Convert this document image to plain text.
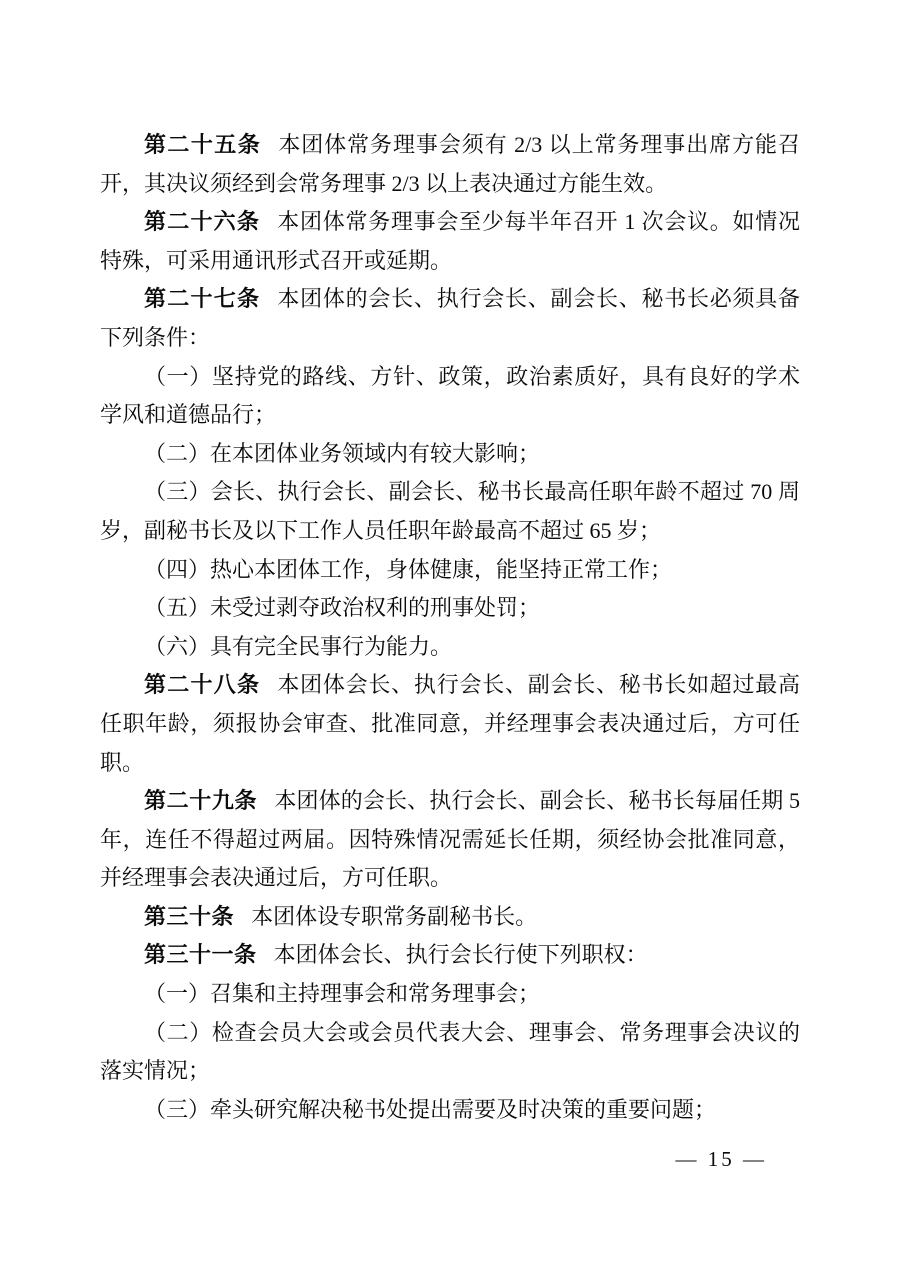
第二十五条 本团体常务理事会须有 2/3 以上常务理事出席方能召开，其决议须经到会常务理事 2/3 以上表决通过方能生效。

第二十六条 本团体常务理事会至少每半年召开 1 次会议。如情况特殊，可采用通讯形式召开或延期。

第二十七条 本团体的会长、执行会长、副会长、秘书长必须具备下列条件：

（一）坚持党的路线、方针、政策，政治素质好，具有良好的学术学风和道德品行；

（二）在本团体业务领域内有较大影响；

（三）会长、执行会长、副会长、秘书长最高任职年龄不超过 70 周岁，副秘书长及以下工作人员任职年龄最高不超过 65 岁；

（四）热心本团体工作，身体健康，能坚持正常工作；

（五）未受过剥夺政治权利的刑事处罚；

（六）具有完全民事行为能力。

第二十八条 本团体会长、执行会长、副会长、秘书长如超过最高任职年龄，须报协会审查、批准同意，并经理事会表决通过后，方可任职。

第二十九条 本团体的会长、执行会长、副会长、秘书长每届任期 5 年，连任不得超过两届。因特殊情况需延长任期，须经协会批准同意，并经理事会表决通过后，方可任职。

第三十条 本团体设专职常务副秘书长。

第三十一条 本团体会长、执行会长行使下列职权：

（一）召集和主持理事会和常务理事会；

（二）检查会员大会或会员代表大会、理事会、常务理事会决议的落实情况；

（三）牵头研究解决秘书处提出需要及时决策的重要问题；

— 15 —
